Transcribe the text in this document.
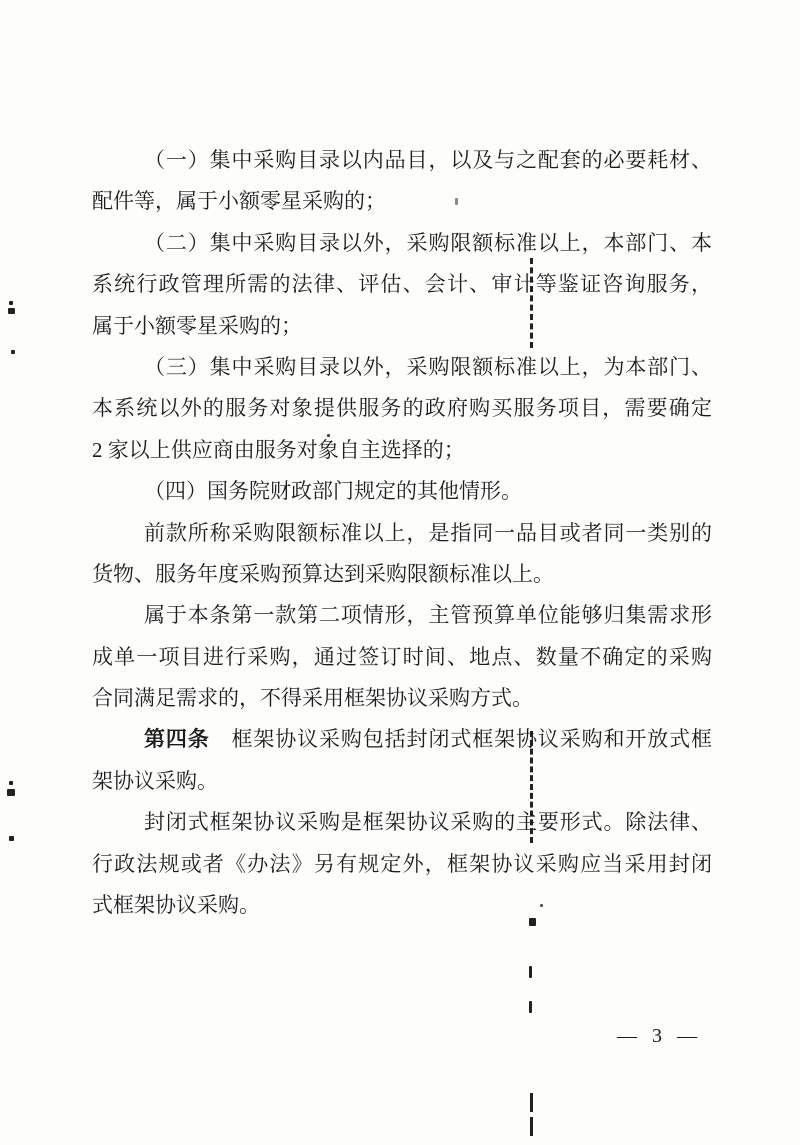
（一）集中采购目录以内品目，以及与之配套的必要耗材、
配件等，属于小额零星采购的；
（二）集中采购目录以外，采购限额标准以上，本部门、本
系统行政管理所需的法律、评估、会计、审计等鉴证咨询服务，
属于小额零星采购的；
（三）集中采购目录以外，采购限额标准以上，为本部门、
本系统以外的服务对象提供服务的政府购买服务项目，需要确定
2 家以上供应商由服务对象自主选择的；
（四）国务院财政部门规定的其他情形。
前款所称采购限额标准以上，是指同一品目或者同一类别的
货物、服务年度采购预算达到采购限额标准以上。
属于本条第一款第二项情形，主管预算单位能够归集需求形
成单一项目进行采购，通过签订时间、地点、数量不确定的采购
合同满足需求的，不得采用框架协议采购方式。
第四条　框架协议采购包括封闭式框架协议采购和开放式框
架协议采购。
封闭式框架协议采购是框架协议采购的主要形式。除法律、
行政法规或者《办法》另有规定外，框架协议采购应当采用封闭
式框架协议采购。
— 3 —
